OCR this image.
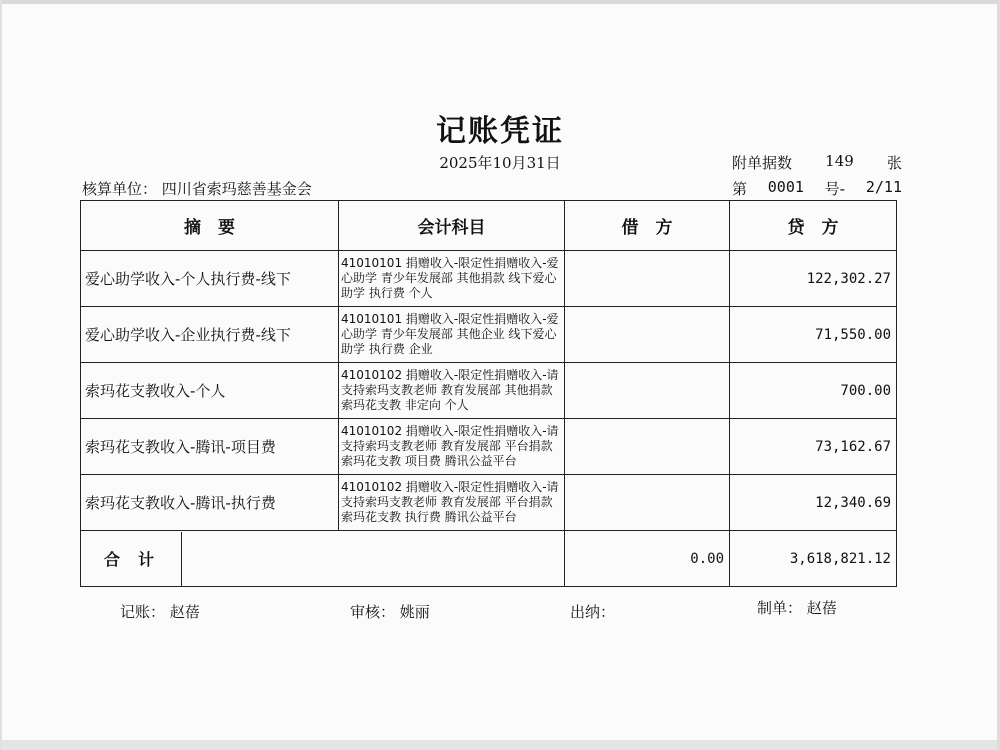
记账凭证
2025年10月31日	附单据数 149 张
核算单位： 四川省索玛慈善基金会	第 0001 号- 2/11
摘　要	会计科目	借　方	贷　方
爱心助学收入-个人执行费-线下	41010101 捐赠收入-限定性捐赠收入-爱心助学 青少年发展部 其他捐款 线下爱心助学 执行费 个人		122,302.27
爱心助学收入-企业执行费-线下	41010101 捐赠收入-限定性捐赠收入-爱心助学 青少年发展部 其他企业 线下爱心助学 执行费 企业		71,550.00
索玛花支教收入-个人	41010102 捐赠收入-限定性捐赠收入-请支持索玛支教老师 教育发展部 其他捐款 索玛花支教 非定向 个人		700.00
索玛花支教收入-腾讯-项目费	41010102 捐赠收入-限定性捐赠收入-请支持索玛支教老师 教育发展部 平台捐款 索玛花支教 项目费 腾讯公益平台		73,162.67
索玛花支教收入-腾讯-执行费	41010102 捐赠收入-限定性捐赠收入-请支持索玛支教老师 教育发展部 平台捐款 索玛花支教 执行费 腾讯公益平台		12,340.69

合计		0.00	3,618,821.12
记账： 赵蓓	审核： 姚丽	出纳：	制单： 赵蓓
